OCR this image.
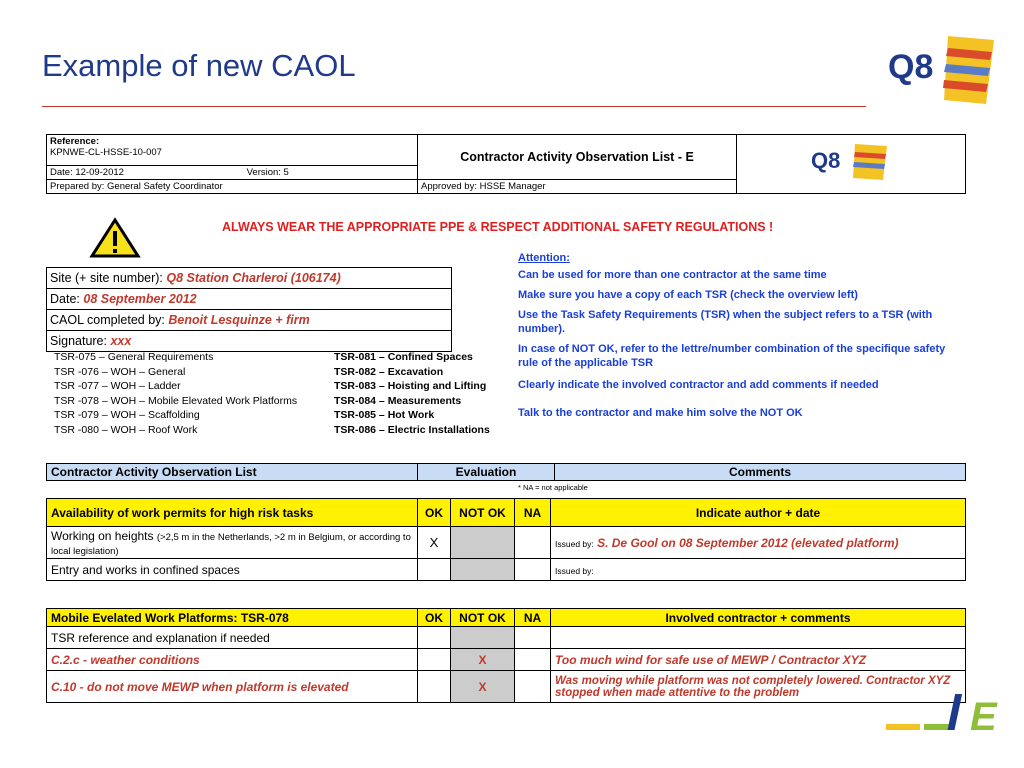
Example of new CAOL	Q8
Reference:
KPNWE-CL-HSSE-10-007	Contractor Activity Observation List - E	Q8

Date: 12-09-2012 Version: 5		
Prepared by: General Safety Coordinator	Approved by: HSSE Manager	
ALWAYS WEAR THE APPROPRIATE PPE & RESPECT ADDITIONAL SAFETY REGULATIONS !
Site (+ site number): Q8 Station Charleroi (106174)
Date: 08 September 2012
CAOL completed by: Benoit Lesquinze + firm
Signature: xxx
TSR-075 – General Requirements
TSR -076 – WOH – General
TSR -077 – WOH – Ladder
TSR -078 – WOH – Mobile Elevated Work Platforms
TSR -079 – WOH – Scaffolding
TSR -080 – WOH – Roof Work
TSR-081 – Confined Spaces
TSR-082 – Excavation
TSR-083 – Hoisting and Lifting
TSR-084 – Measurements
TSR-085 – Hot Work
TSR-086 – Electric Installations
Attention:
Can be used for more than one contractor at the same time
Make sure you have a copy of each TSR (check the overview left)
Use the Task Safety Requirements (TSR) when the subject refers to a TSR (with number).
In case of NOT OK, refer to the lettre/number combination of the specifique safety rule of the applicable TSR
Clearly indicate the involved contractor and add comments if needed
Talk to the contractor and make him solve the NOT OK
Contractor Activity Observation List	Evaluation	Comments
* NA = not applicable
Availability of work permits for high risk tasks	OK	NOT OK	NA	Indicate author + date
Working on heights (>2,5 m in the Netherlands, >2 m in Belgium, or according to local legislation)	X			Issued by: S. De Gool on 08 September 2012 (elevated platform)
Entry and works in confined spaces				Issued by:
Mobile Evelated Work Platforms: TSR-078	OK	NOT OK	NA	Involved contractor + comments
TSR reference and explanation if needed				
C.2.c - weather conditions		X		Too much wind for safe use of MEWP / Contractor XYZ
C.10 - do not move MEWP when platform is elevated		X		Was moving while platform was not completely lowered. Contractor XYZ stopped when made attentive to the problem
E
